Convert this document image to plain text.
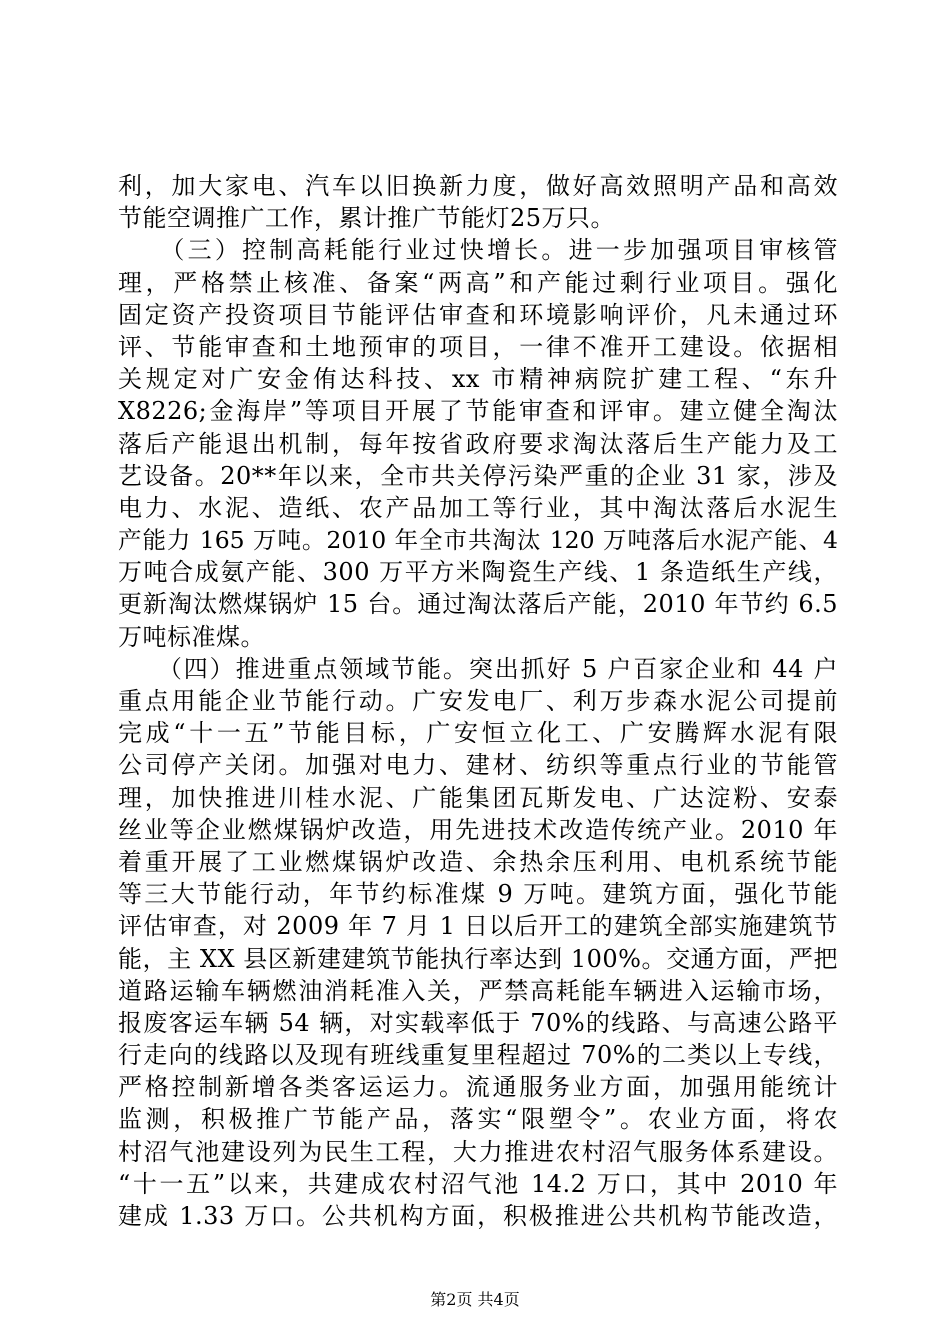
利，加大家电、汽车以旧换新力度，做好高效照明产品和高效
节能空调推广工作，累计推广节能灯25万只。
　　（三）控制高耗能行业过快增长。进一步加强项目审核管
理，严格禁止核准、备案“两高”和产能过剩行业项目。强化
固定资产投资项目节能评估审查和环境影响评价，凡未通过环
评、节能审查和土地预审的项目，一律不准开工建设。依据相
关规定对广安金侑达科技、xx 市精神病院扩建工程、“东升
X8226;金海岸”等项目开展了节能审查和评审。建立健全淘汰
落后产能退出机制，每年按省政府要求淘汰落后生产能力及工
艺设备。20**年以来，全市共关停污染严重的企业 31 家，涉及
电力、水泥、造纸、农产品加工等行业，其中淘汰落后水泥生
产能力 165 万吨。2010 年全市共淘汰 120 万吨落后水泥产能、4
万吨合成氨产能、300 万平方米陶瓷生产线、1 条造纸生产线，
更新淘汰燃煤锅炉 15 台。通过淘汰落后产能，2010 年节约 6.5
万吨标准煤。
　　（四）推进重点领域节能。突出抓好 5 户百家企业和 44 户
重点用能企业节能行动。广安发电厂、利万步森水泥公司提前
完成“十一五”节能目标，广安恒立化工、广安腾辉水泥有限
公司停产关闭。加强对电力、建材、纺织等重点行业的节能管
理，加快推进川桂水泥、广能集团瓦斯发电、广达淀粉、安泰
丝业等企业燃煤锅炉改造，用先进技术改造传统产业。2010 年
着重开展了工业燃煤锅炉改造、余热余压利用、电机系统节能
等三大节能行动，年节约标准煤 9 万吨。建筑方面，强化节能
评估审查，对 2009 年 7 月 1 日以后开工的建筑全部实施建筑节
能，主 XX 县区新建建筑节能执行率达到 100%。交通方面，严把
道路运输车辆燃油消耗准入关，严禁高耗能车辆进入运输市场，
报废客运车辆 54 辆，对实载率低于 70%的线路、与高速公路平
行走向的线路以及现有班线重复里程超过 70%的二类以上专线，
严格控制新增各类客运运力。流通服务业方面，加强用能统计
监测，积极推广节能产品，落实“限塑令”。农业方面，将农
村沼气池建设列为民生工程，大力推进农村沼气服务体系建设。
“十一五”以来，共建成农村沼气池 14.2 万口，其中 2010 年
建成 1.33 万口。公共机构方面，积极推进公共机构节能改造，
第2页 共4页
